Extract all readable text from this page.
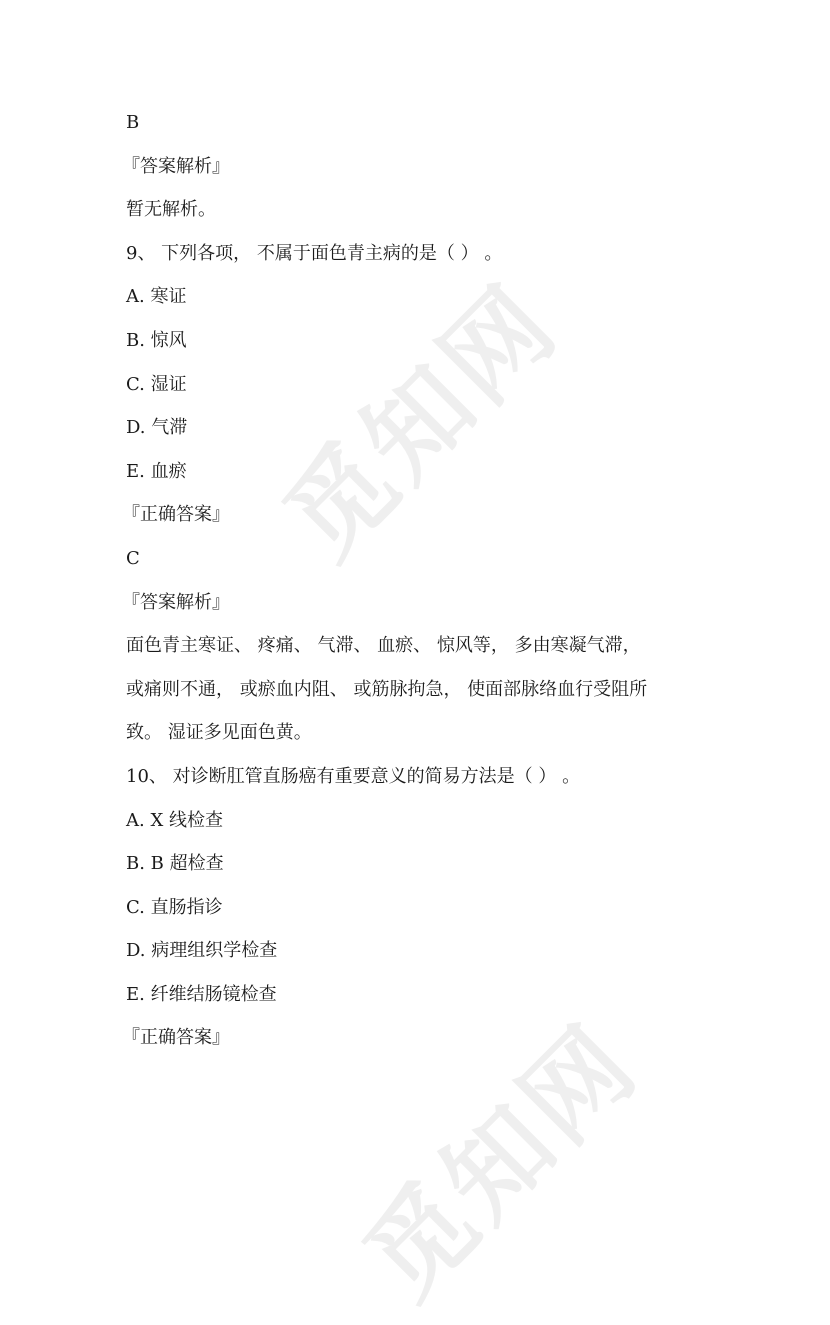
觅知网
觅知网
B
『答案解析』
暂无解析。
9、 下列各项， 不属于面色青主病的是（ ） 。
A. 寒证
B. 惊风
C. 湿证
D. 气滞
E. 血瘀
『正确答案』
C
『答案解析』
面色青主寒证、 疼痛、 气滞、 血瘀、 惊风等， 多由寒凝气滞，
或痛则不通， 或瘀血内阻、 或筋脉拘急， 使面部脉络血行受阻所
致。 湿证多见面色黄。
10、 对诊断肛管直肠癌有重要意义的简易方法是（ ） 。
A. X 线检查
B. B 超检查
C. 直肠指诊
D. 病理组织学检查
E. 纤维结肠镜检查
『正确答案』
